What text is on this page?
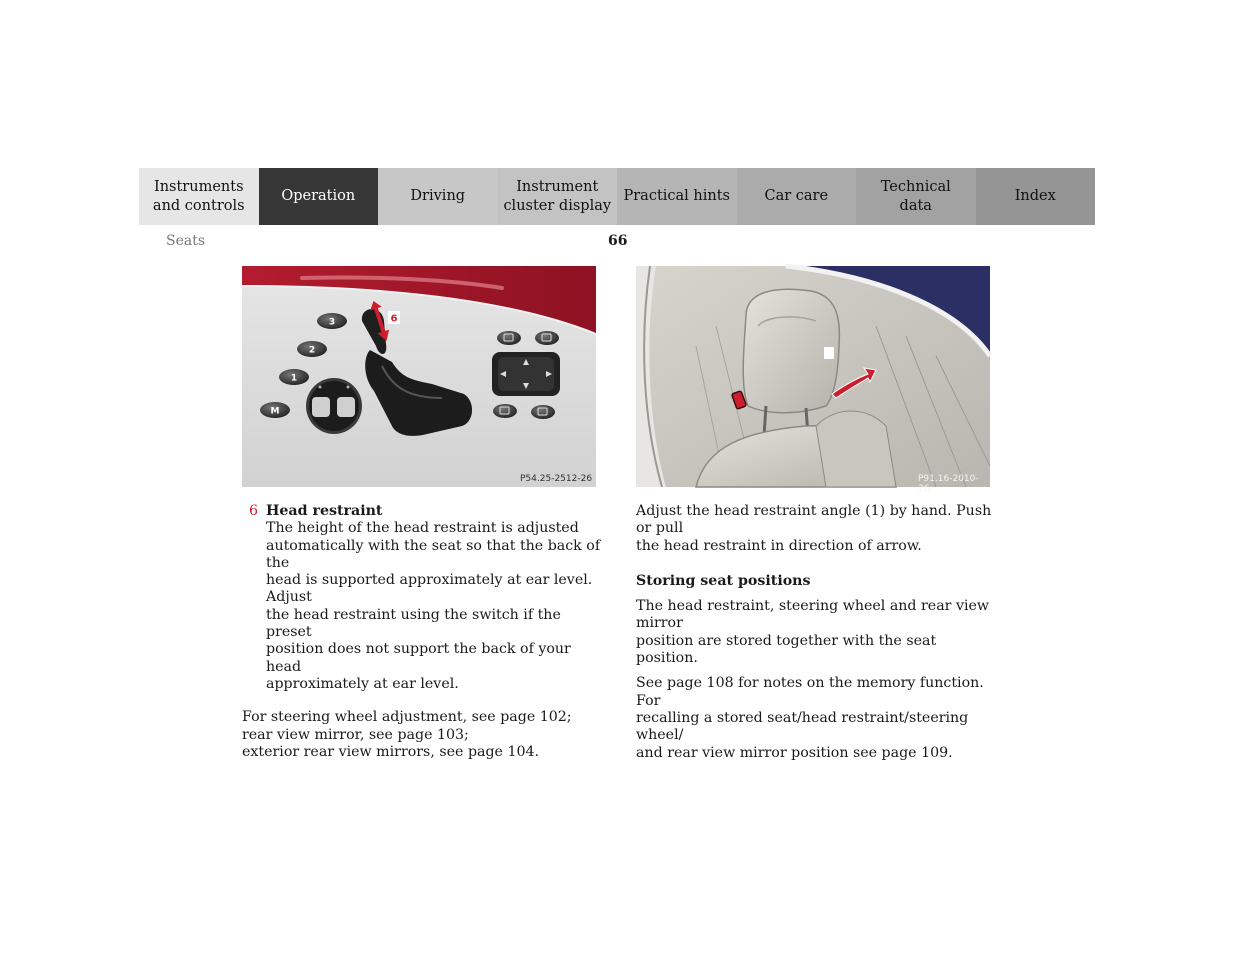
Instruments
and controls
Operation	Driving
Instrument
cluster display
Practical hints	Car care
Technical
data
Index
Seats	66
3
2
1
M
6
P54.25-2512-26	P91.16-2010-26
6 Head restraint

The height of the head restraint is adjusted
automatically with the seat so that the back of the
head is supported approximately at ear level. Adjust
the head restraint using the switch if the preset
position does not support the back of your head
approximately at ear level.

For steering wheel adjustment, see page 102;
rear view mirror, see page 103;
exterior rear view mirrors, see page 104.

Adjust the head restraint angle (1) by hand. Push or pull
the head restraint in direction of arrow.

Storing seat positions

The head restraint, steering wheel and rear view mirror
position are stored together with the seat position.

See page 108 for notes on the memory function. For
recalling a stored seat/head restraint/steering wheel/
and rear view mirror position see page 109.
